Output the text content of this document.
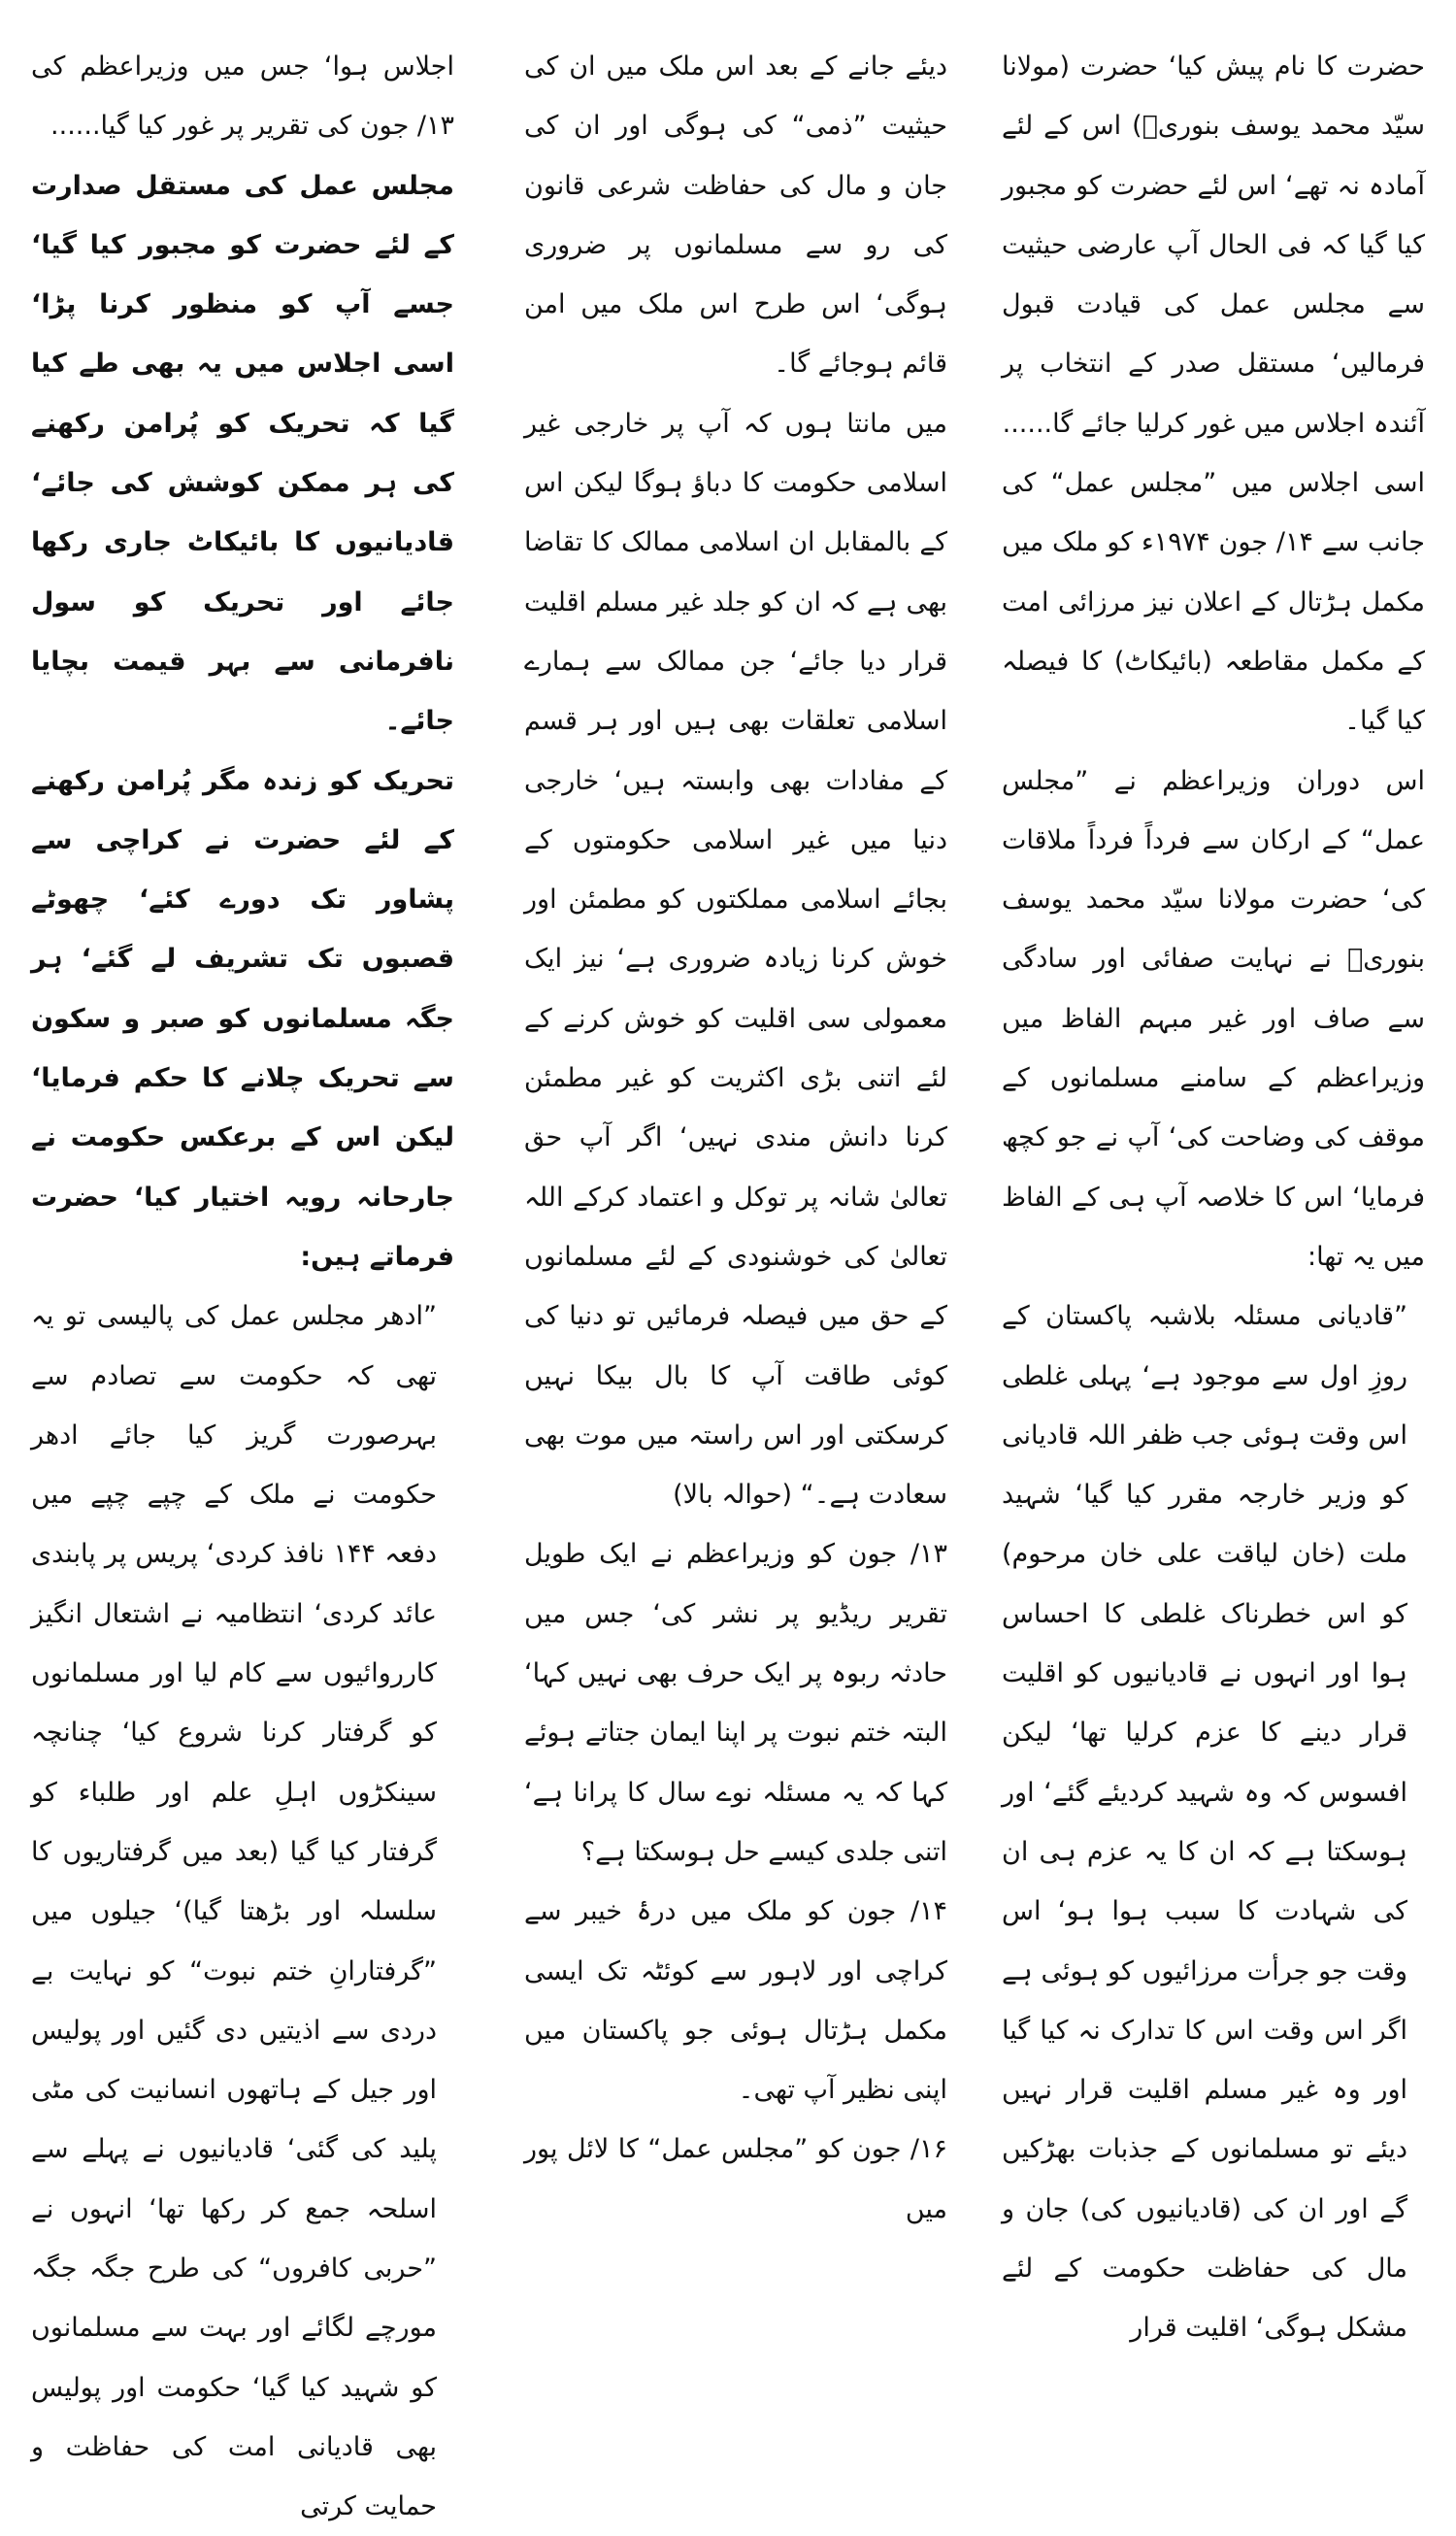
حضرت کا نام پیش کیا‘ حضرت (مولانا سیّد محمد یوسف بنوریؒ) اس کے لئے آمادہ نہ تھے‘ اس لئے حضرت کو مجبور کیا گیا کہ فی الحال آپ عارضی حیثیت سے مجلس عمل کی قیادت قبول فرمالیں‘ مستقل صدر کے انتخاب پر آئندہ اجلاس میں غور کرلیا جائے گا......

اسی اجلاس میں ”مجلس عمل“ کی جانب سے ۱۴/ جون ۱۹۷۴ء کو ملک میں مکمل ہڑتال کے اعلان نیز مرزائی امت کے مکمل مقاطعہ (بائیکاٹ) کا فیصلہ کیا گیا۔

اس دوران وزیراعظم نے ”مجلس عمل“ کے ارکان سے فرداً فرداً ملاقات کی‘ حضرت مولانا سیّد محمد یوسف بنوریؒ نے نہایت صفائی اور سادگی سے صاف اور غیر مبہم الفاظ میں وزیراعظم کے سامنے مسلمانوں کے موقف کی وضاحت کی‘ آپ نے جو کچھ فرمایا‘ اس کا خلاصہ آپ ہی کے الفاظ میں یہ تھا:

”قادیانی مسئلہ بلاشبہ پاکستان کے روزِ اول سے موجود ہے‘ پہلی غلطی اس وقت ہوئی جب ظفر اللہ قادیانی کو وزیر خارجہ مقرر کیا گیا‘ شہید ملت (خان لیاقت علی خان مرحوم) کو اس خطرناک غلطی کا احساس ہوا اور انہوں نے قادیانیوں کو اقلیت قرار دینے کا عزم کرلیا تھا‘ لیکن افسوس کہ وہ شہید کردیئے گئے‘ اور ہوسکتا ہے کہ ان کا یہ عزم ہی ان کی شہادت کا سبب ہوا ہو‘ اس وقت جو جرأت مرزائیوں کو ہوئی ہے اگر اس وقت اس کا تدارک نہ کیا گیا اور وہ غیر مسلم اقلیت قرار نہیں دیئے تو مسلمانوں کے جذبات بھڑکیں گے اور ان کی (قادیانیوں کی) جان و مال کی حفاظت حکومت کے لئے مشکل ہوگی‘ اقلیت قرار

دیئے جانے کے بعد اس ملک میں ان کی حیثیت ”ذمی“ کی ہوگی اور ان کی جان و مال کی حفاظت شرعی قانون کی رو سے مسلمانوں پر ضروری ہوگی‘ اس طرح اس ملک میں امن قائم ہوجائے گا۔

میں مانتا ہوں کہ آپ پر خارجی غیر اسلامی حکومت کا دباؤ ہوگا لیکن اس کے بالمقابل ان اسلامی ممالک کا تقاضا بھی ہے کہ ان کو جلد غیر مسلم اقلیت قرار دیا جائے‘ جن ممالک سے ہمارے اسلامی تعلقات بھی ہیں اور ہر قسم کے مفادات بھی وابستہ ہیں‘ خارجی دنیا میں غیر اسلامی حکومتوں کے بجائے اسلامی مملکتوں کو مطمئن اور خوش کرنا زیادہ ضروری ہے‘ نیز ایک معمولی سی اقلیت کو خوش کرنے کے لئے اتنی بڑی اکثریت کو غیر مطمئن کرنا دانش مندی نہیں‘ اگر آپ حق تعالیٰ شانہ پر توکل و اعتماد کرکے اللہ تعالیٰ کی خوشنودی کے لئے مسلمانوں کے حق میں فیصلہ فرمائیں تو دنیا کی کوئی طاقت آپ کا بال بیکا نہیں کرسکتی اور اس راستہ میں موت بھی سعادت ہے۔“ (حوالہ بالا)

۱۳/ جون کو وزیراعظم نے ایک طویل تقریر ریڈیو پر نشر کی‘ جس میں حادثہ ربوہ پر ایک حرف بھی نہیں کہا‘ البتہ ختم نبوت پر اپنا ایمان جتاتے ہوئے کہا کہ یہ مسئلہ نوے سال کا پرانا ہے‘ اتنی جلدی کیسے حل ہوسکتا ہے؟

۱۴/ جون کو ملک میں درۂ خیبر سے کراچی اور لاہور سے کوئٹہ تک ایسی مکمل ہڑتال ہوئی جو پاکستان میں اپنی نظیر آپ تھی۔

۱۶/ جون کو ”مجلس عمل“ کا لائل پور میں

اجلاس ہوا‘ جس میں وزیراعظم کی ۱۳/ جون کی تقریر پر غور کیا گیا......

مجلس عمل کی مستقل صدارت کے لئے حضرت کو مجبور کیا گیا‘ جسے آپ کو منظور کرنا پڑا‘ اسی اجلاس میں یہ بھی طے کیا گیا کہ تحریک کو پُرامن رکھنے کی ہر ممکن کوشش کی جائے‘ قادیانیوں کا بائیکاٹ جاری رکھا جائے اور تحریک کو سول نافرمانی سے بہر قیمت بچایا جائے۔

تحریک کو زندہ مگر پُرامن رکھنے کے لئے حضرت نے کراچی سے پشاور تک دورے کئے‘ چھوٹے قصبوں تک تشریف لے گئے‘ ہر جگہ مسلمانوں کو صبر و سکون سے تحریک چلانے کا حکم فرمایا‘ لیکن اس کے برعکس حکومت نے جارحانہ رویہ اختیار کیا‘ حضرت فرماتے ہیں:

”ادھر مجلس عمل کی پالیسی تو یہ تھی کہ حکومت سے تصادم سے بہرصورت گریز کیا جائے ادھر حکومت نے ملک کے چپے چپے میں دفعہ ۱۴۴ نافذ کردی‘ پریس پر پابندی عائد کردی‘ انتظامیہ نے اشتعال انگیز کارروائیوں سے کام لیا اور مسلمانوں کو گرفتار کرنا شروع کیا‘ چنانچہ سینکڑوں اہلِ علم اور طلباء کو گرفتار کیا گیا (بعد میں گرفتاریوں کا سلسلہ اور بڑھتا گیا)‘ جیلوں میں ”گرفتارانِ ختم نبوت“ کو نہایت بے دردی سے اذیتیں دی گئیں اور پولیس اور جیل کے ہاتھوں انسانیت کی مٹی پلید کی گئی‘ قادیانیوں نے پہلے سے اسلحہ جمع کر رکھا تھا‘ انہوں نے ”حربی کافروں“ کی طرح جگہ جگہ مورچے لگائے اور بہت سے مسلمانوں کو شہید کیا گیا‘ حکومت اور پولیس بھی قادیانی امت کی حفاظت و حمایت کرتی
